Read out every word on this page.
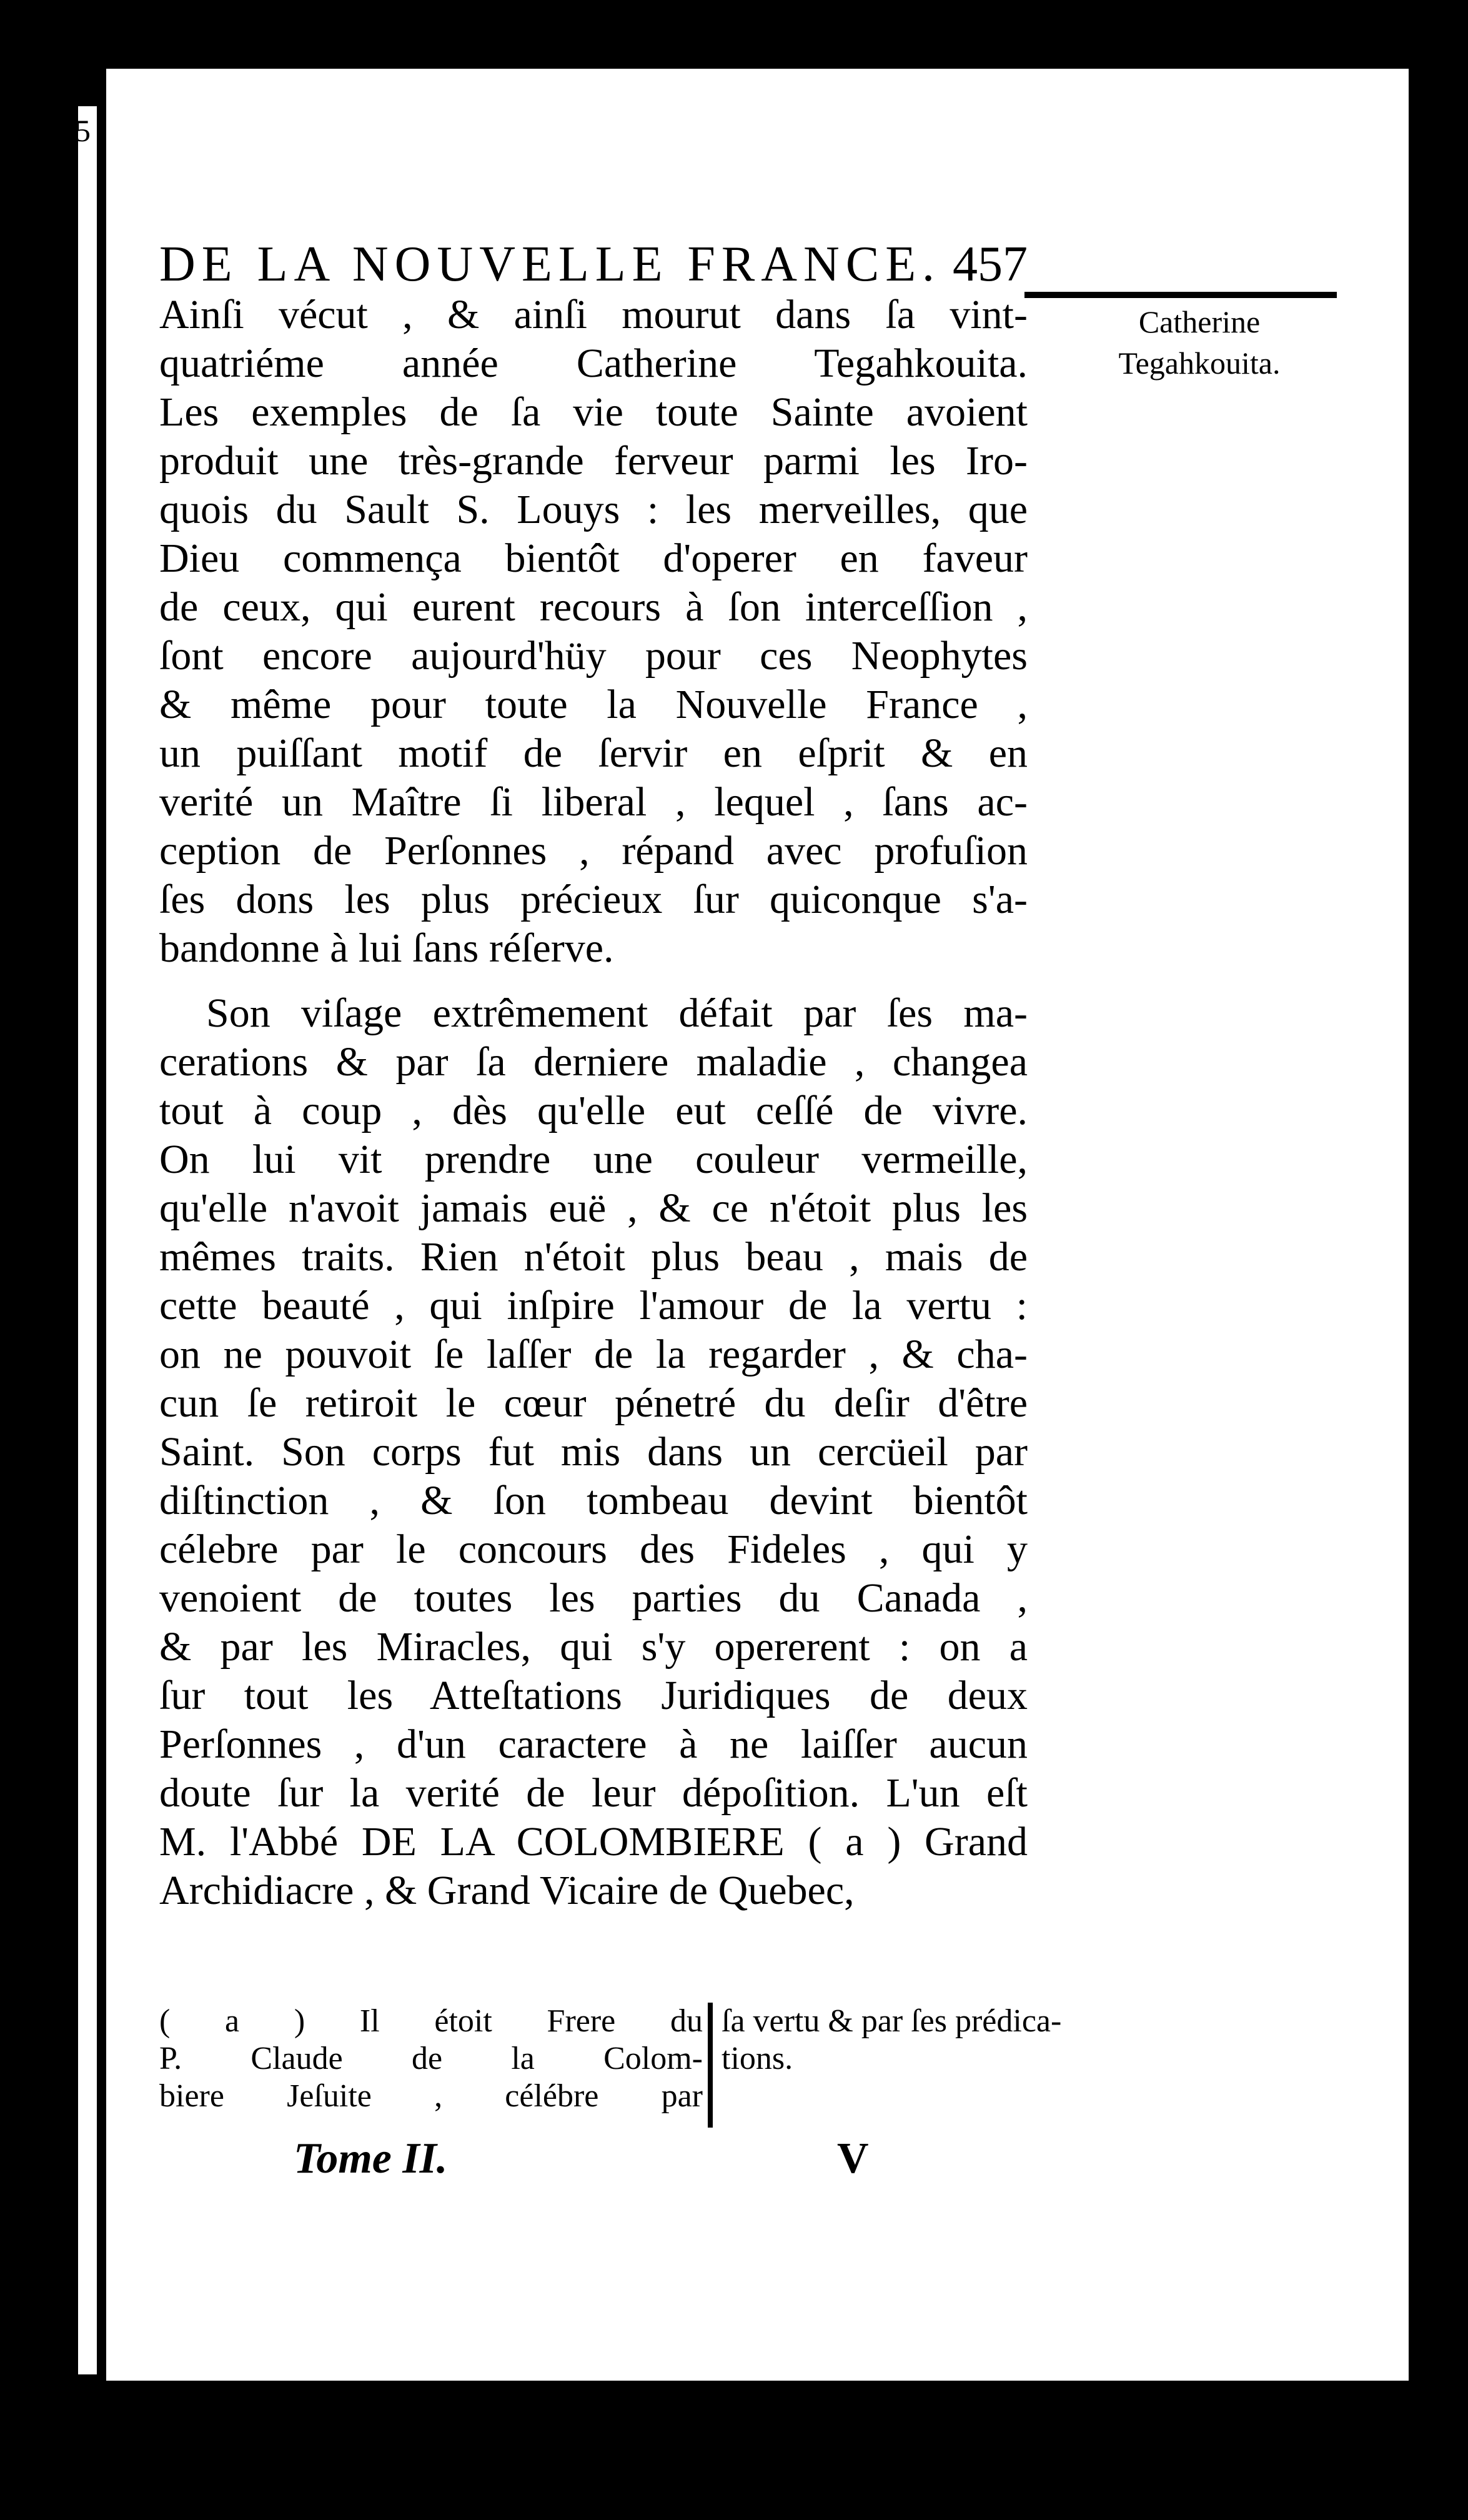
5
DE LA NOUVELLE FRANCE. 457
Catherine
Tegahkouita.
Ainſi vécut , & ainſi mourut dans ſa vint-
quatriéme année Catherine Tegahkouita.
Les exemples de ſa vie toute Sainte avoient
produit une très-grande ferveur parmi les Iro-
quois du Sault S. Louys : les merveilles, que
Dieu commença bientôt d'operer en faveur
de ceux, qui eurent recours à ſon interceſſion ,
ſont encore aujourd'hüy pour ces Neophytes
& même pour toute la Nouvelle France ,
un puiſſant motif de ſervir en eſprit & en
verité un Maître ſi liberal , lequel , ſans ac-
ception de Perſonnes , répand avec profuſion
ſes dons les plus précieux ſur quiconque s'a-
bandonne à lui ſans réſerve.
Son viſage extrêmement défait par ſes ma-
cerations & par ſa derniere maladie , changea
tout à coup , dès qu'elle eut ceſſé de vivre.
On lui vit prendre une couleur vermeille,
qu'elle n'avoit jamais euë , & ce n'étoit plus les
mêmes traits. Rien n'étoit plus beau , mais de
cette beauté , qui inſpire l'amour de la vertu :
on ne pouvoit ſe laſſer de la regarder , & cha-
cun ſe retiroit le cœur pénetré du deſir d'être
Saint. Son corps fut mis dans un cercüeil par
diſtinction , & ſon tombeau devint bientôt
célebre par le concours des Fideles , qui y
venoient de toutes les parties du Canada ,
& par les Miracles, qui s'y opererent : on a
ſur tout les Atteſtations Juridiques de deux
Perſonnes , d'un caractere à ne laiſſer aucun
doute ſur la verité de leur dépoſition. L'un eſt
M. l'Abbé DE LA COLOMBIERE ( a ) Grand
Archidiacre , & Grand Vicaire de Quebec,
( a ) Il étoit Frere du
P. Claude de la Colom-
biere Jeſuite , célébre par
ſa vertu & par ſes prédica-
tions.
Tome II.	V
